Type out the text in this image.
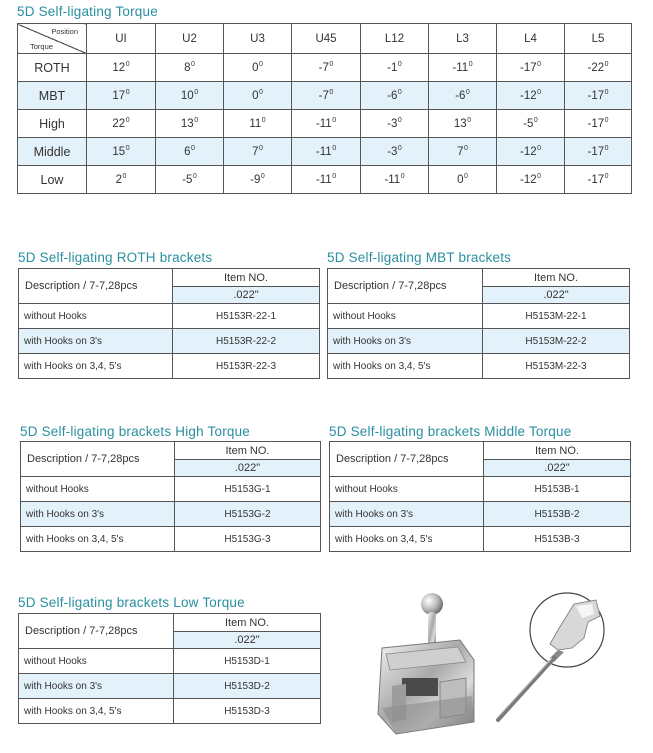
5D Self-ligating Torque
Position
Torque	UI	U2	U3	U45	L12	L3	L4	L5
ROTH	$12^0$	$8^0$	$0^0$	$-7^0$	$-1^0$	$-11^0$	$-17^0$	$-22^0$
MBT	$17^0$	$10^0$	$0^0$	$-7^0$	$-6^0$	$-6^0$	$-12^0$	$-17^0$
High	$22^0$	$13^0$	$11^0$	$-11^0$	$-3^0$	$13^0$	$-5^0$	$-17^0$
Middle	$15^0$	$6^0$	$7^0$	$-11^0$	$-3^0$	$7^0$	$-12^0$	$-17^0$
Low	$2^0$	$-5^0$	$-9^0$	$-11^0$	$-11^0$	$0^0$	$-12^0$	$-17^0$
5D Self-ligating ROTH brackets
Description / 7-7,28pcs	Item NO.
	.022"
without Hooks	H5153R-22-1
with Hooks on 3's	H5153R-22-2
with Hooks on 3,4, 5's	H5153R-22-3
5D Self-ligating MBT brackets
Description / 7-7,28pcs	Item NO.
	.022"
without Hooks	H5153M-22-1
with Hooks on 3's	H5153M-22-2
with Hooks on 3,4, 5's	H5153M-22-3
5D Self-ligating brackets High Torque
Description / 7-7,28pcs	Item NO.
	.022"
without Hooks	H5153G-1
with Hooks on 3's	H5153G-2
with Hooks on 3,4, 5's	H5153G-3
5D Self-ligating brackets Middle Torque
Description / 7-7,28pcs	Item NO.
	.022"
without Hooks	H5153B-1
with Hooks on 3's	H5153B-2
with Hooks on 3,4, 5's	H5153B-3
5D Self-ligating brackets Low Torque
Description / 7-7,28pcs	Item NO.
	.022"
without Hooks	H5153D-1
with Hooks on 3's	H5153D-2
with Hooks on 3,4, 5's	H5153D-3
